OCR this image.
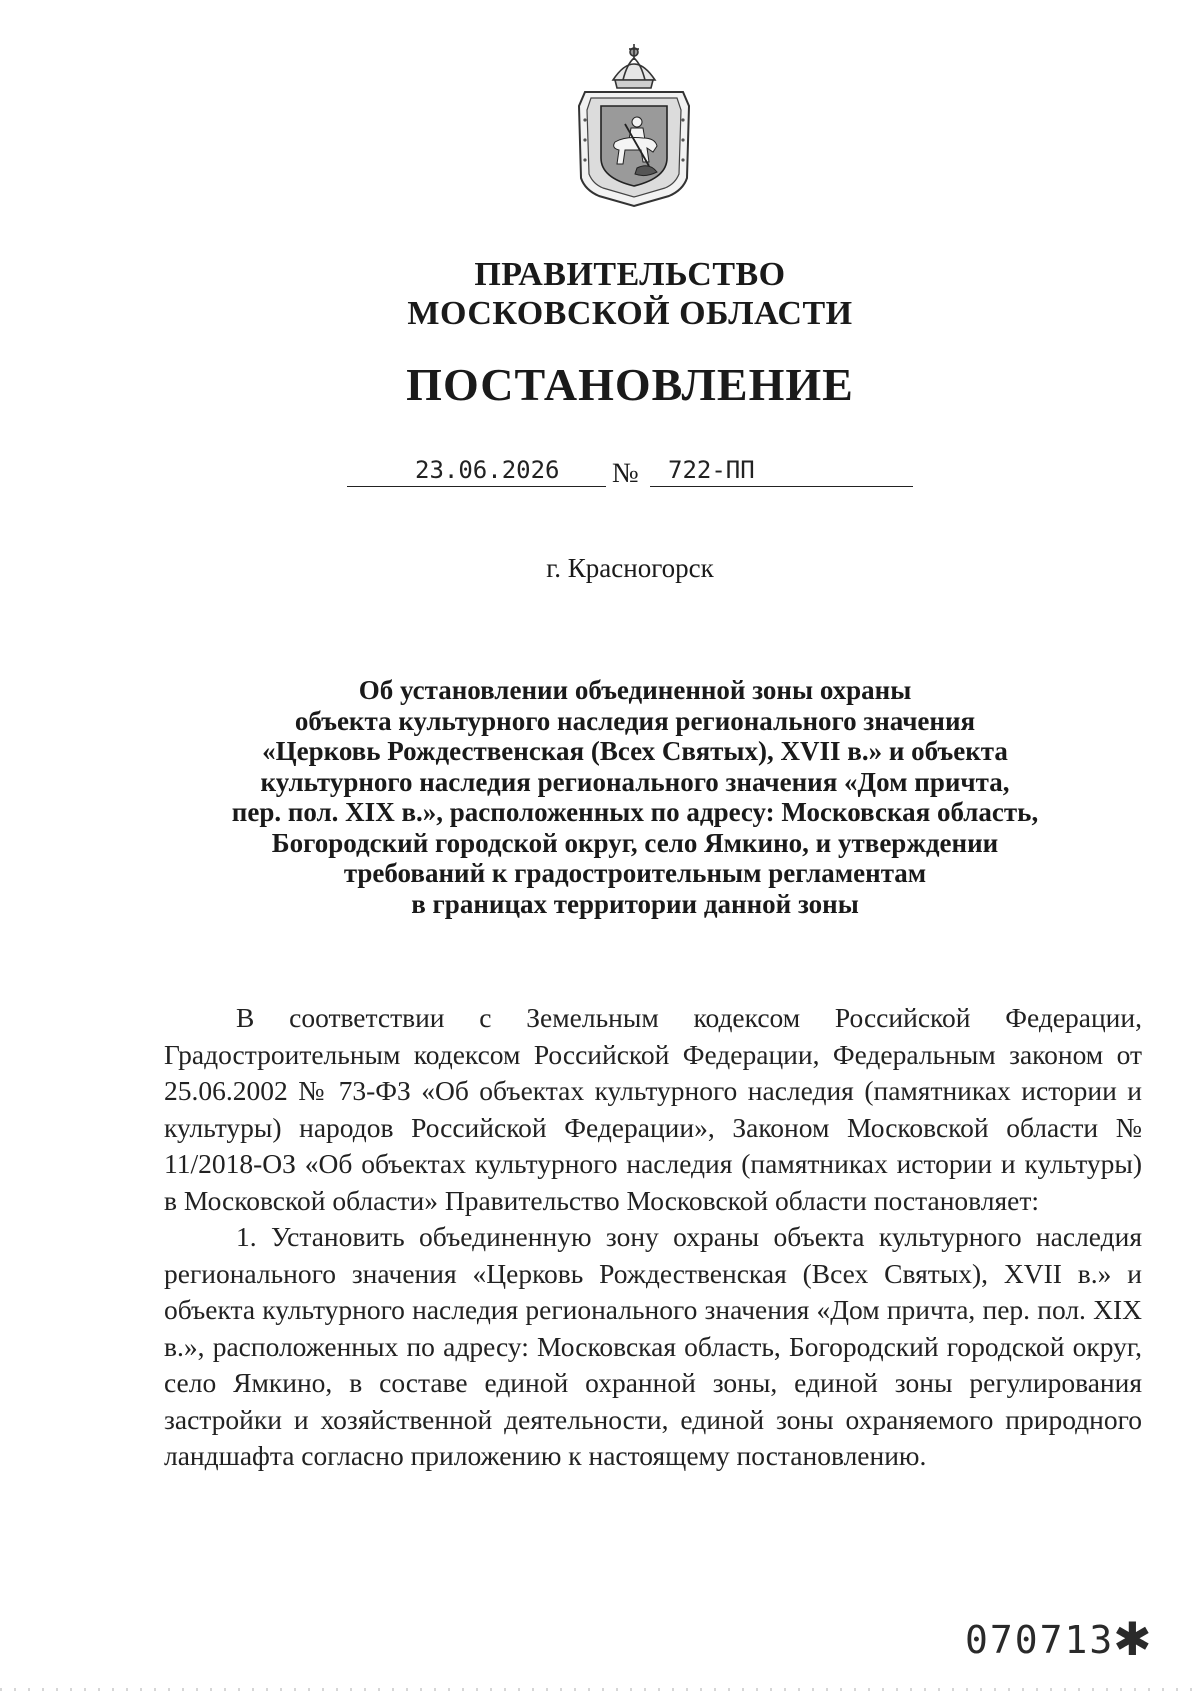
ПРАВИТЕЛЬСТВО
МОСКОВСКОЙ ОБЛАСТИ
ПОСТАНОВЛЕНИЕ
23.06.2026 № 722-ПП
г. Красногорск
Об установлении объединенной зоны охраны
объекта культурного наследия регионального значения
«Церковь Рождественская (Всех Святых), XVII в.» и объекта
культурного наследия регионального значения «Дом причта,
пер. пол. XIX в.», расположенных по адресу: Московская область,
Богородский городской округ, село Ямкино, и утверждении
требований к градостроительным регламентам
в границах территории данной зоны

В соответствии с Земельным кодексом Российской Федерации, Градостроительным кодексом Российской Федерации, Федеральным законом от 25.06.2002 № 73-ФЗ «Об объектах культурного наследия (памятниках истории и культуры) народов Российской Федерации», Законом Московской области № 11/2018-ОЗ «Об объектах культурного наследия (памятниках истории и культуры) в Московской области» Правительство Московской области постановляет:

1. Установить объединенную зону охраны объекта культурного наследия регионального значения «Церковь Рождественская (Всех Святых), XVII в.» и объекта культурного наследия регионального значения «Дом причта, пер. пол. XIX в.», расположенных по адресу: Московская область, Богородский городской округ, село Ямкино, в составе единой охранной зоны, единой зоны регулирования застройки и хозяйственной деятельности, единой зоны охраняемого природного ландшафта согласно приложению к настоящему постановлению.

070713
✱
